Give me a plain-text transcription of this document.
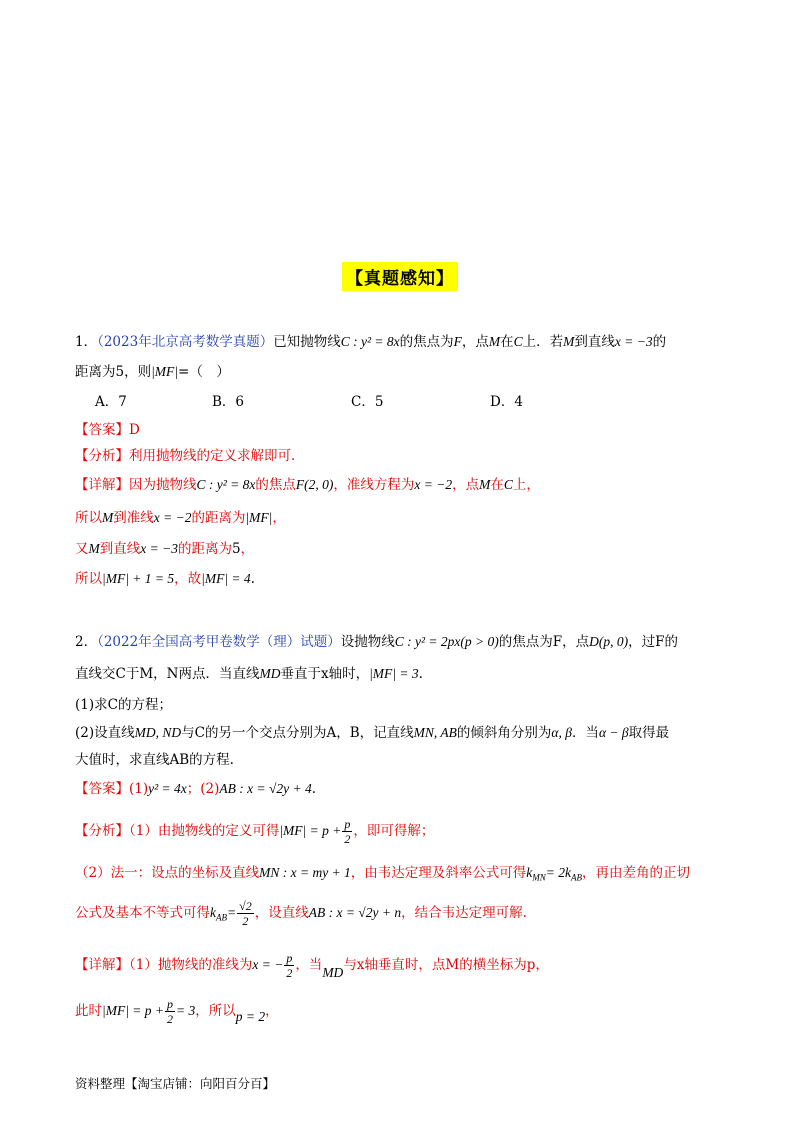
【真题感知】
1．（2023年北京高考数学真题）已知抛物线C : y² = 8x的焦点为F，点M在C上．若M到直线x = −3的
距离为5，则|MF|=（　）
A．7	B．6	C．5	D．4
【答案】D
【分析】利用抛物线的定义求解即可.
【详解】因为抛物线C : y² = 8x的焦点F(2, 0)，准线方程为x = −2，点M在C上，
所以M到准线x = −2的距离为|MF|，
又M到直线x = −3的距离为5，
所以|MF| + 1 = 5，故|MF| = 4.
2．（2022年全国高考甲卷数学（理）试题）设抛物线C : y² = 2px(p > 0)的焦点为F，点D(p, 0)，过F的
直线交C于M，N两点．当直线MD垂直于x轴时，|MF| = 3.
(1)求C的方程；
(2)设直线MD, ND与C的另一个交点分别为A，B，记直线MN, AB的倾斜角分别为α, β．当α − β取得最
大值时，求直线AB的方程.
【答案】(1)y² = 4x；(2)AB : x = √2y + 4.
【分析】（1）由抛物线的定义可得$|MF| = p + \frac{p}{2}$ ，即可得解；
（2）法一：设点的坐标及直线MN : x = my + 1，由韦达定理及斜率公式可得$k_{MN}= 2k_{AB}$，再由差角的正切
公式及基本不等式可得$k_{AB}= \frac{√2}{2}$ ，设直线AB : x = √2y + n，结合韦达定理可解.
【详解】（1）抛物线的准线为x = − $\frac{p}{2}$ ，当MD与x轴垂直时，点M的横坐标为p，
此时$|MF| = p + \frac{p}{2} = 3$，所以p = 2，
资料整理【淘宝店铺：向阳百分百】
